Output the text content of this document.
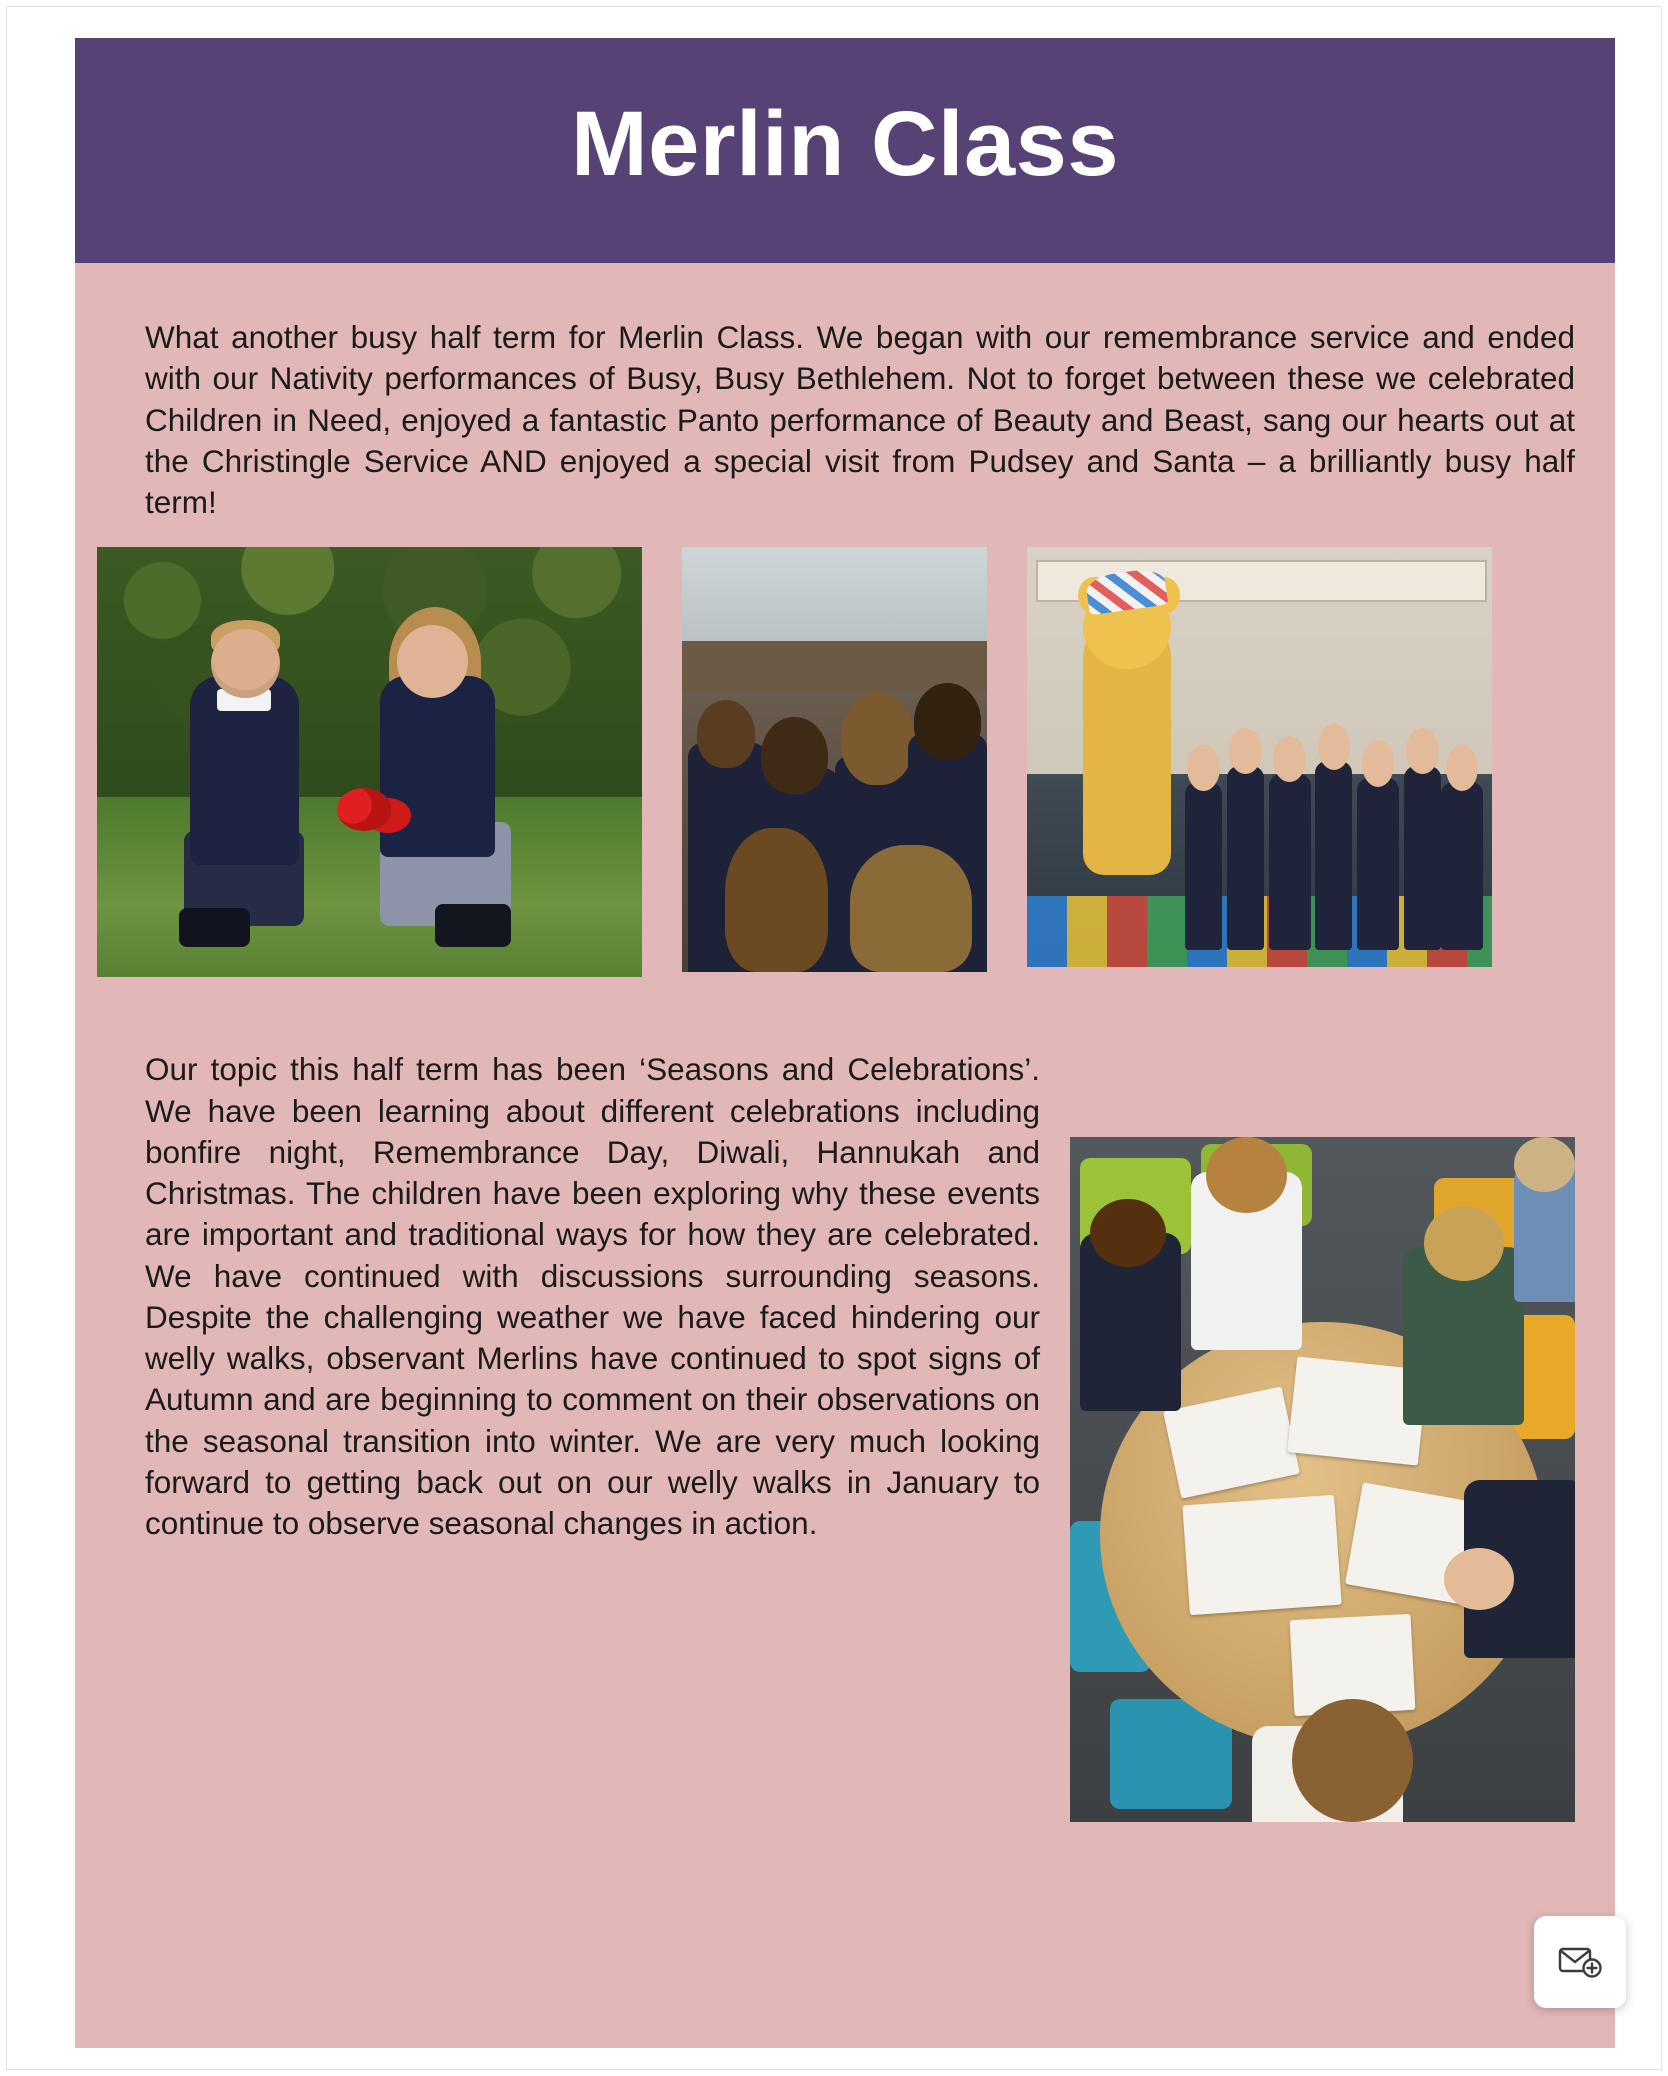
Merlin Class

What another busy half term for Merlin Class. We began with our remembrance service and ended with our Nativity performances of Busy, Busy Bethlehem. Not to forget between these we celebrated Children in Need, enjoyed a fantastic Panto performance of Beauty and Beast, sang our hearts out at the Christingle Service AND enjoyed a special visit from Pudsey and Santa – a brilliantly busy half term!

Our topic this half term has been ‘Seasons and Celebrations’. We have been learning about different celebrations including bonfire night, Remembrance Day, Diwali, Hannukah and Christmas. The children have been exploring why these events are important and traditional ways for how they are celebrated. We have continued with discussions surrounding seasons. Despite the challenging weather we have faced hindering our welly walks, observant Merlins have continued to spot signs of Autumn and are beginning to comment on their observations on the seasonal transition into winter. We are very much looking forward to getting back out on our welly walks in January to continue to observe seasonal changes in action.
